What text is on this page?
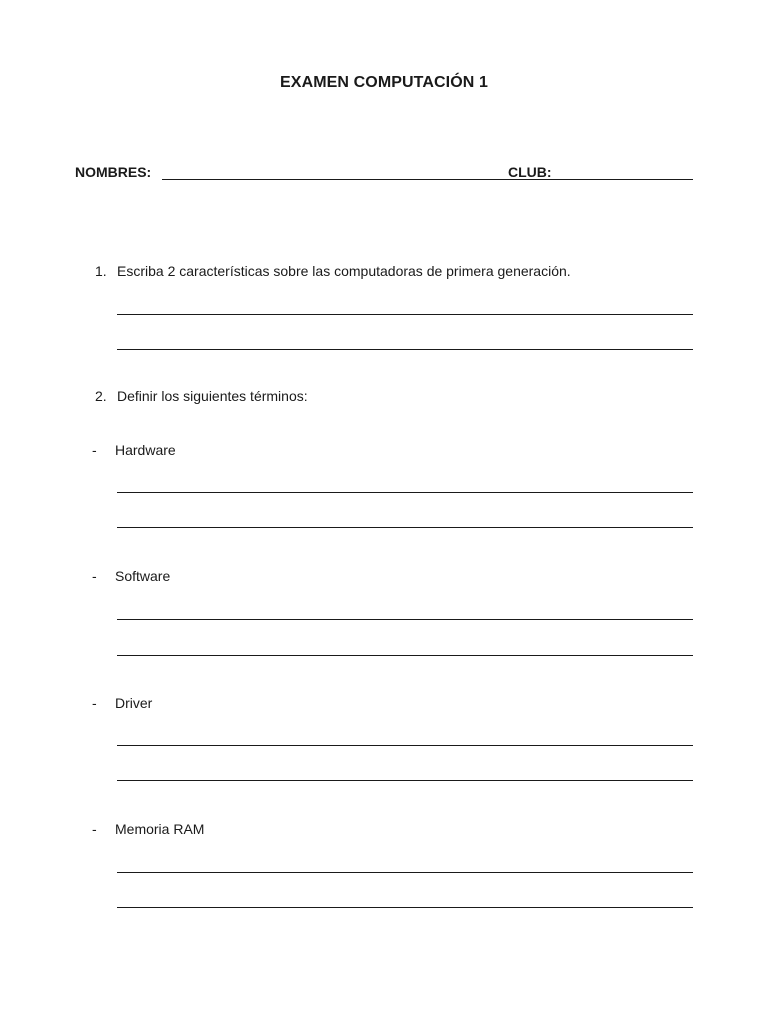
EXAMEN COMPUTACIÓN 1
NOMBRES:	CLUB:
1. Escriba 2 características sobre las computadoras de primera generación.
2. Definir los siguientes términos:
- Hardware
- Software
- Driver
- Memoria RAM
